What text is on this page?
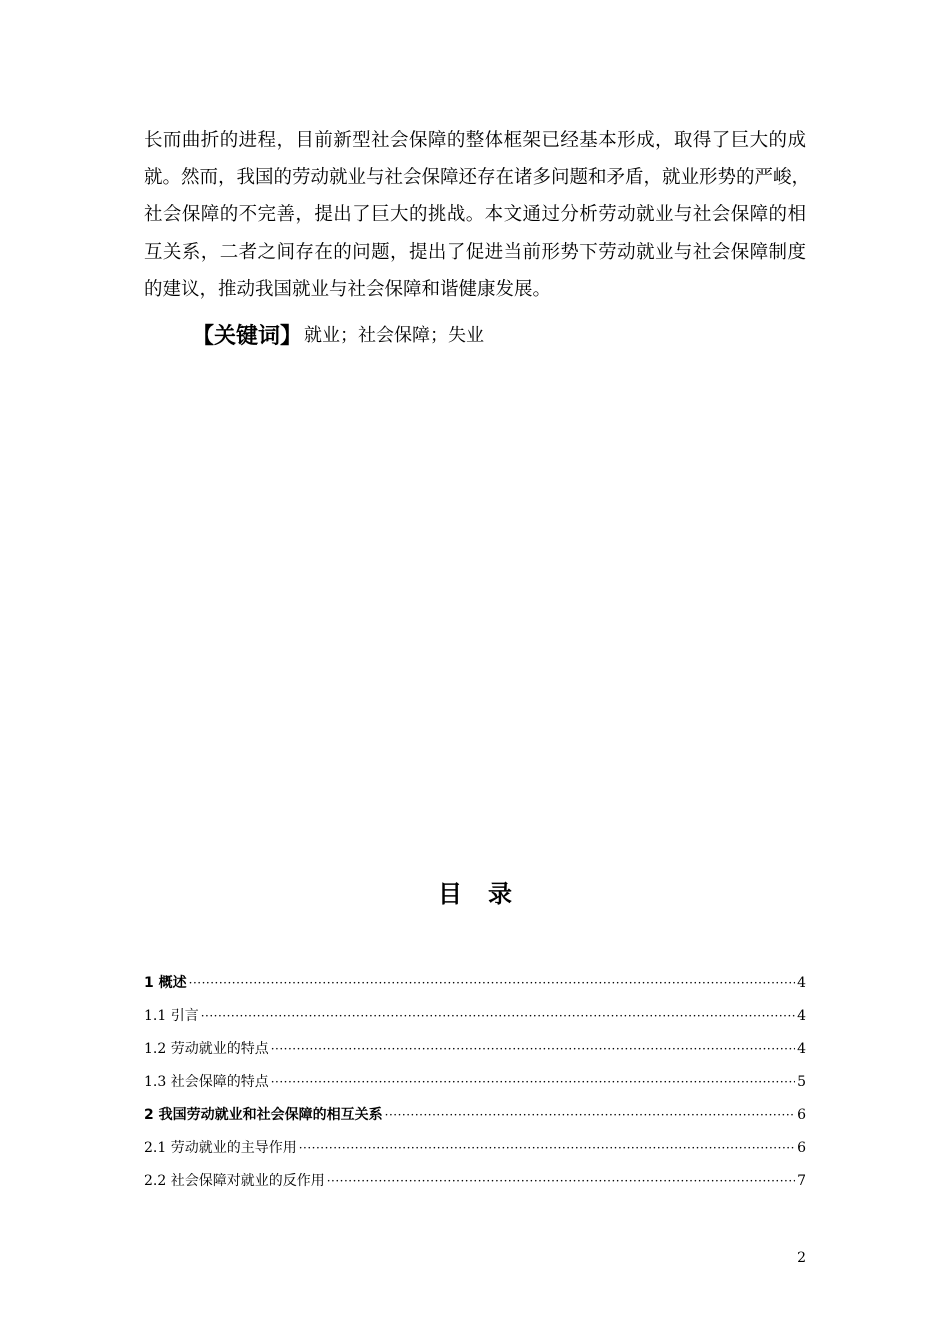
长而曲折的进程，目前新型社会保障的整体框架已经基本形成，取得了巨大的成
就。然而，我国的劳动就业与社会保障还存在诸多问题和矛盾，就业形势的严峻，
社会保障的不完善，提出了巨大的挑战。本文通过分析劳动就业与社会保障的相
互关系，二者之间存在的问题，提出了促进当前形势下劳动就业与社会保障制度
的建议，推动我国就业与社会保障和谐健康发展。

【关键词】 就业；社会保障；失业
目录
1 概述 ·····	4
1.1 引言 ·····	4
1.2 劳动就业的特点 ·····	4
1.3 社会保障的特点 ·····	5
2 我国劳动就业和社会保障的相互关系 ·····	6
2.1 劳动就业的主导作用 ·····	6
2.2 社会保障对就业的反作用 ·····	7
2
